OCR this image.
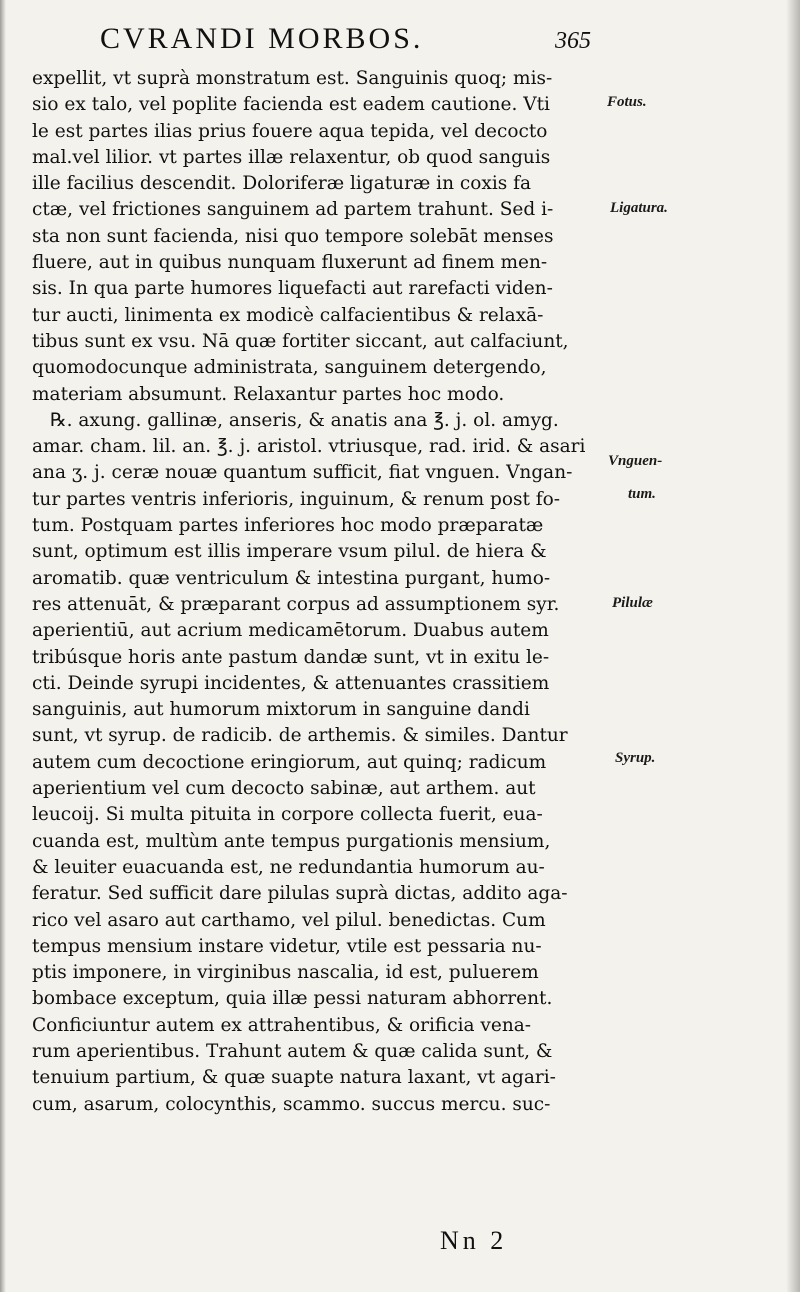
CVRANDI MORBOS.	365
expellit, vt suprà monstratum est. Sanguinis quoq; mis-
sio ex talo, vel poplite facienda est eadem cautione. Vti
le est partes ilias prius fouere aqua tepida, vel decocto
mal.vel lilior. vt partes illæ relaxentur, ob quod sanguis
ille facilius descendit. Doloriferæ ligaturæ in coxis fa
ctæ, vel frictiones sanguinem ad partem trahunt. Sed i-
sta non sunt facienda, nisi quo tempore solebāt menses
fluere, aut in quibus nunquam fluxerunt ad finem men-
sis. In qua parte humores liquefacti aut rarefacti viden-
tur aucti, linimenta ex modicè calfacientibus & relaxā-
tibus sunt ex vsu. Nā quæ fortiter siccant, aut calfaciunt,
quomodocunque administrata, sanguinem detergendo,
materiam absumunt. Relaxantur partes hoc modo.
℞. axung. gallinæ, anseris, & anatis ana ℥. j. ol. amyg.
amar. cham. lil. an. ℥. j. aristol. vtriusque, rad. irid. & asari
ana ʒ. j. ceræ nouæ quantum sufficit, fiat vnguen. Vngan-
tur partes ventris inferioris, inguinum, & renum post fo-
tum. Postquam partes inferiores hoc modo præparatæ
sunt, optimum est illis imperare vsum pilul. de hiera &
aromatib. quæ ventriculum & intestina purgant, humo-
res attenuāt, & præparant corpus ad assumptionem syr.
aperientiū, aut acrium medicamētorum. Duabus autem
tribúsque horis ante pastum dandæ sunt, vt in exitu le-
cti. Deinde syrupi incidentes, & attenuantes crassitiem
sanguinis, aut humorum mixtorum in sanguine dandi
sunt, vt syrup. de radicib. de arthemis. & similes. Dantur
autem cum decoctione eringiorum, aut quinq; radicum
aperientium vel cum decocto sabinæ, aut arthem. aut
leucoij. Si multa pituita in corpore collecta fuerit, eua-
cuanda est, multùm ante tempus purgationis mensium,
& leuiter euacuanda est, ne redundantia humorum au-
feratur. Sed sufficit dare pilulas suprà dictas, addito aga-
rico vel asaro aut carthamo, vel pilul. benedictas. Cum
tempus mensium instare videtur, vtile est pessaria nu-
ptis imponere, in virginibus nascalia, id est, puluerem
bombace exceptum, quia illæ pessi naturam abhorrent.
Conficiuntur autem ex attrahentibus, & orificia vena-
rum aperientibus. Trahunt autem & quæ calida sunt, &
tenuium partium, & quæ suapte natura laxant, vt agari-
cum, asarum, colocynthis, scammo. succus mercu. suc-
Fotus.
Ligatura.
Vnguen-
tum.
Pilulæ
Syrup.
Nn 2
